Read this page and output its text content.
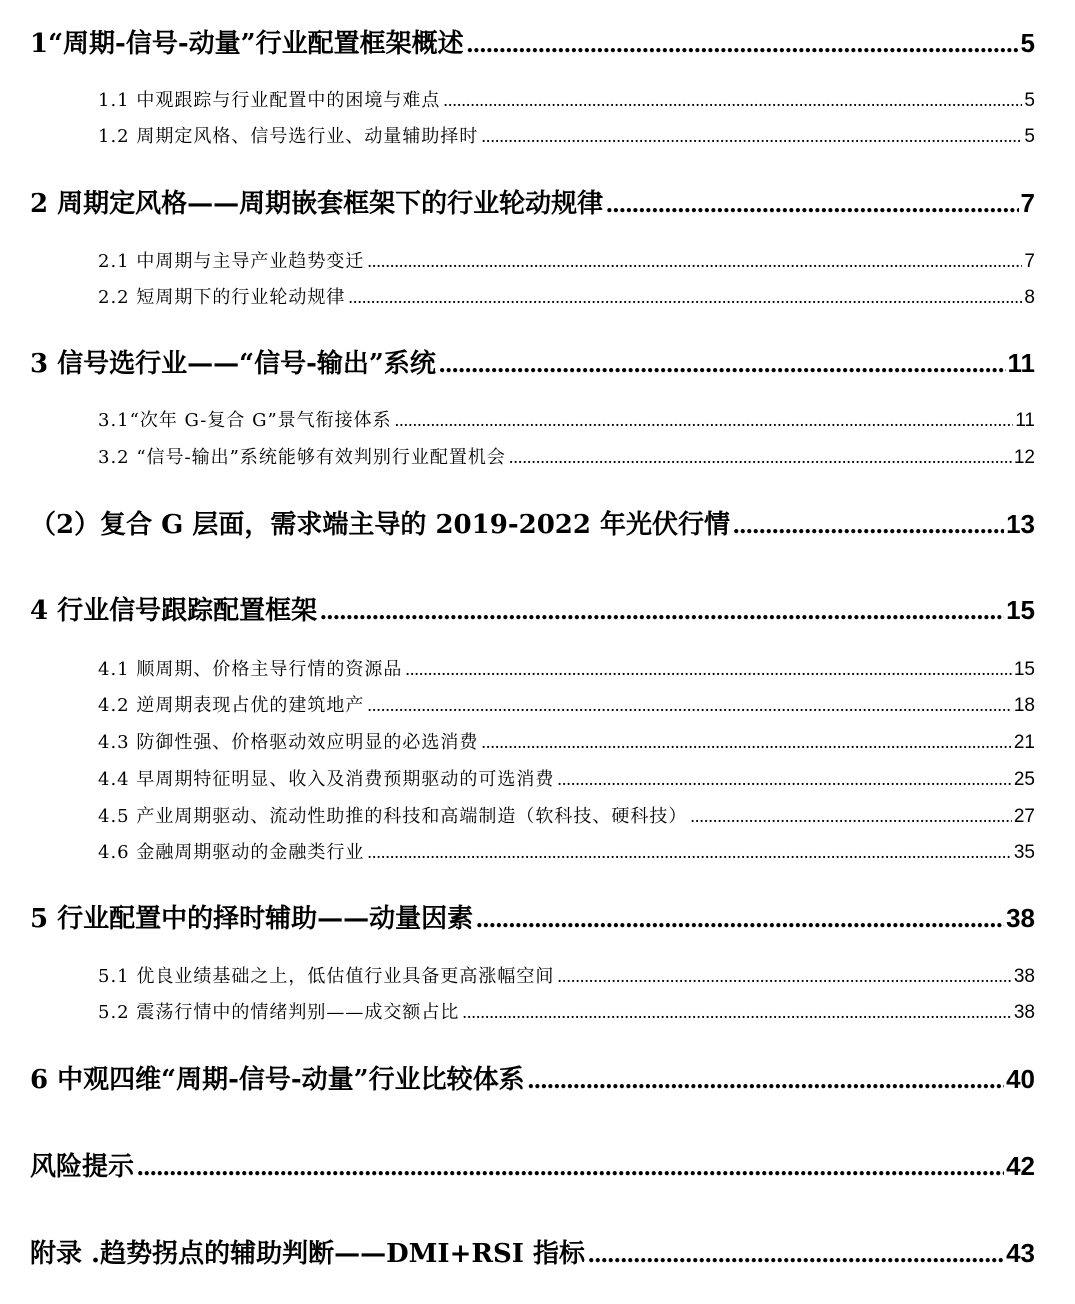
1“周期-信号-动量”行业配置框架概述 .....	5
1.1 中观跟踪与行业配置中的困境与难点 .....	5
1.2 周期定风格、信号选行业、动量辅助择时 .....	5
2 周期定风格——周期嵌套框架下的行业轮动规律 .....	7
2.1 中周期与主导产业趋势变迁 .....	7
2.2 短周期下的行业轮动规律 .....	8
3 信号选行业——“信号-输出”系统 .....	11
3.1“次年 G-复合 G”景气衔接体系 .....	11
3.2 “信号-输出”系统能够有效判别行业配置机会 .....	12
（2）复合 G 层面，需求端主导的 2019-2022 年光伏行情 .....	13
4 行业信号跟踪配置框架 .....	15
4.1 顺周期、价格主导行情的资源品 .....	15
4.2 逆周期表现占优的建筑地产 .....	18
4.3 防御性强、价格驱动效应明显的必选消费 .....	21
4.4 早周期特征明显、收入及消费预期驱动的可选消费 .....	25
4.5 产业周期驱动、流动性助推的科技和高端制造（软科技、硬科技） .....	27
4.6 金融周期驱动的金融类行业 .....	35
5 行业配置中的择时辅助——动量因素 .....	38
5.1 优良业绩基础之上，低估值行业具备更高涨幅空间 .....	38
5.2 震荡行情中的情绪判别——成交额占比 .....	38
6 中观四维“周期-信号-动量”行业比较体系 .....	40
风险提示 .....	42
附录 .趋势拐点的辅助判断——DMI+RSI 指标 .....	43
